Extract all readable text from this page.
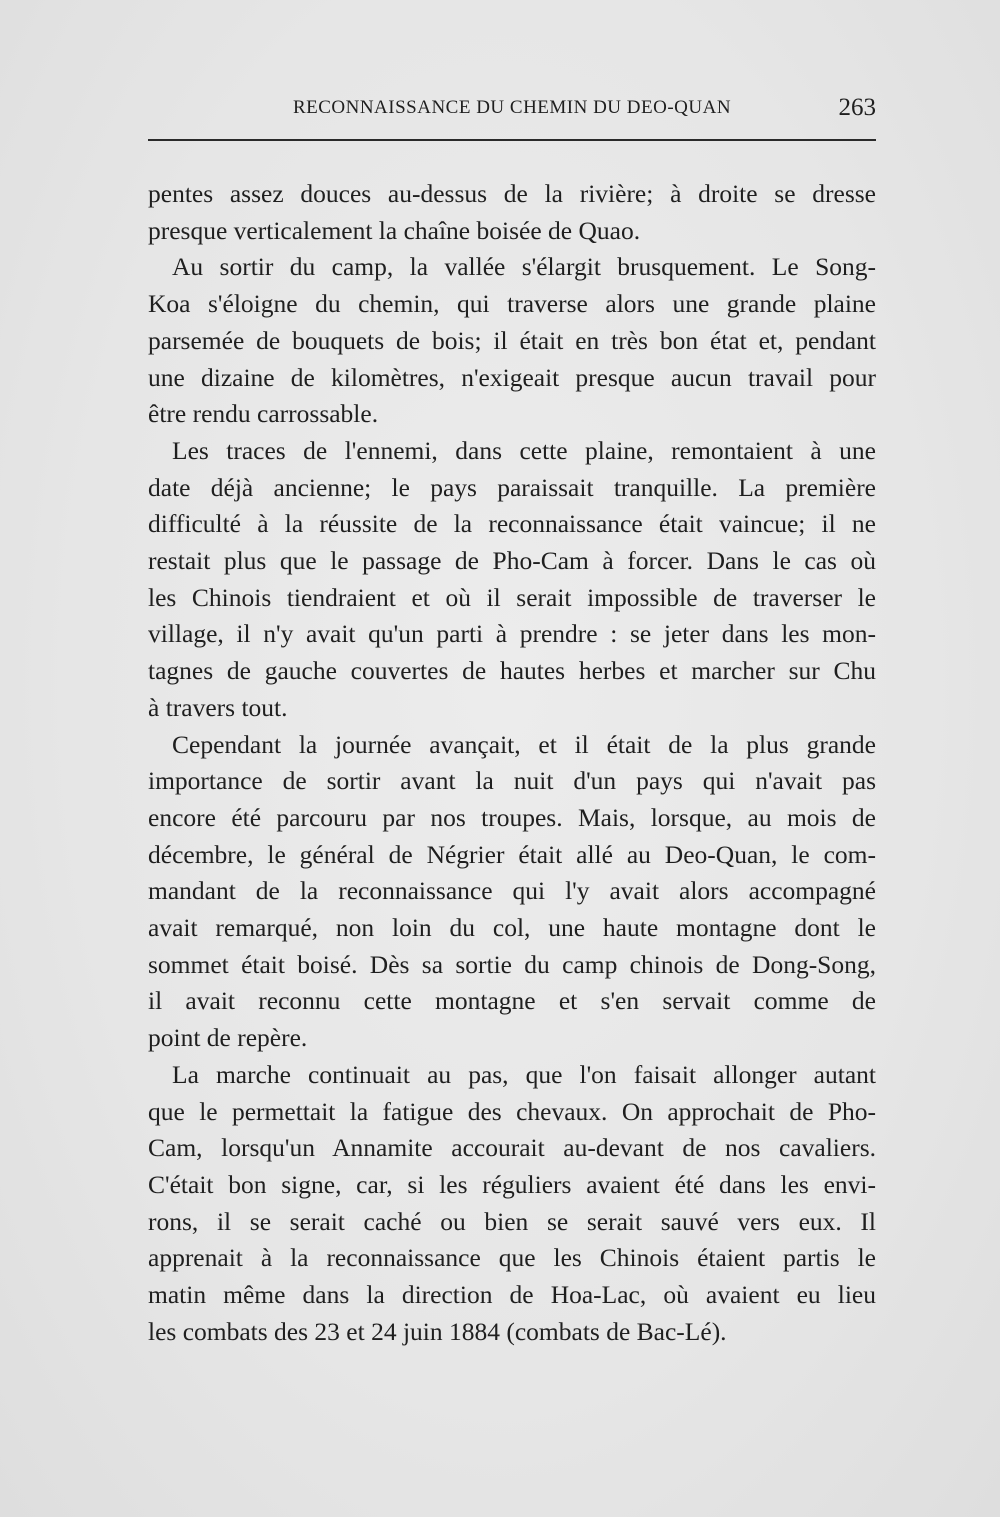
RECONNAISSANCE DU CHEMIN DU DEO-QUAN	263

pentes assez douces au-dessus de la rivière; à droite se dresse
presque verticalement la chaîne boisée de Quao.

Au sortir du camp, la vallée s'élargit brusquement. Le Song-
Koa s'éloigne du chemin, qui traverse alors une grande plaine
parsemée de bouquets de bois; il était en très bon état et, pendant
une dizaine de kilomètres, n'exigeait presque aucun travail pour
être rendu carrossable.

Les traces de l'ennemi, dans cette plaine, remontaient à une
date déjà ancienne; le pays paraissait tranquille. La première
difficulté à la réussite de la reconnaissance était vaincue; il ne
restait plus que le passage de Pho-Cam à forcer. Dans le cas où
les Chinois tiendraient et où il serait impossible de traverser le
village, il n'y avait qu'un parti à prendre : se jeter dans les mon-
tagnes de gauche couvertes de hautes herbes et marcher sur Chu
à travers tout.

Cependant la journée avançait, et il était de la plus grande
importance de sortir avant la nuit d'un pays qui n'avait pas
encore été parcouru par nos troupes. Mais, lorsque, au mois de
décembre, le général de Négrier était allé au Deo-Quan, le com-
mandant de la reconnaissance qui l'y avait alors accompagné
avait remarqué, non loin du col, une haute montagne dont le
sommet était boisé. Dès sa sortie du camp chinois de Dong-Song,
il avait reconnu cette montagne et s'en servait comme de
point de repère.

La marche continuait au pas, que l'on faisait allonger autant
que le permettait la fatigue des chevaux. On approchait de Pho-
Cam, lorsqu'un Annamite accourait au-devant de nos cavaliers.
C'était bon signe, car, si les réguliers avaient été dans les envi-
rons, il se serait caché ou bien se serait sauvé vers eux. Il
apprenait à la reconnaissance que les Chinois étaient partis le
matin même dans la direction de Hoa-Lac, où avaient eu lieu
les combats des 23 et 24 juin 1884 (combats de Bac-Lé).
